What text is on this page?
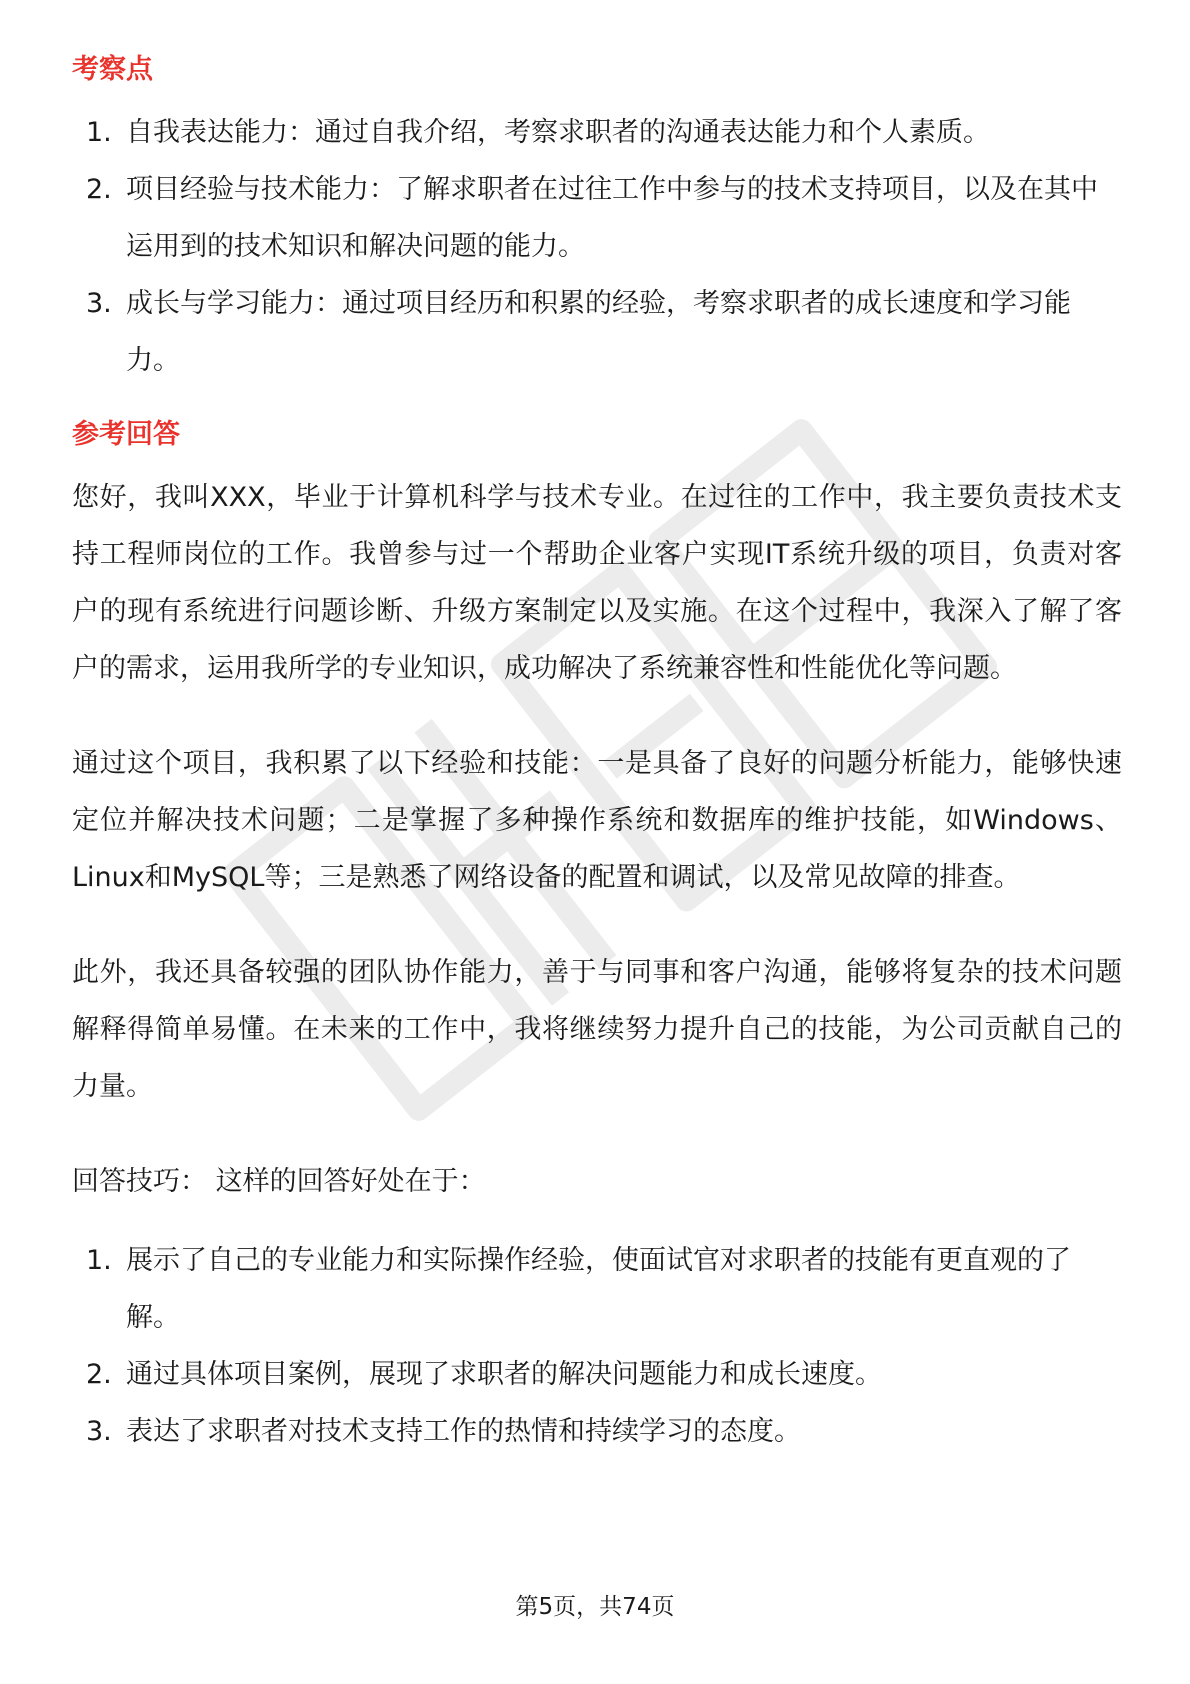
考察点
1. 自我表达能力：通过自我介绍，考察求职者的沟通表达能力和个人素质。
2. 项目经验与技术能力：了解求职者在过往工作中参与的技术支持项目，以及在其中运用到的技术知识和解决问题的能力。
3. 成长与学习能力：通过项目经历和积累的经验，考察求职者的成长速度和学习能力。
参考回答

您好，我叫XXX，毕业于计算机科学与技术专业。在过往的工作中，我主要负责技术支持工程师岗位的工作。我曾参与过一个帮助企业客户实现IT系统升级的项目，负责对客户的现有系统进行问题诊断、升级方案制定以及实施。在这个过程中，我深入了解了客户的需求，运用我所学的专业知识，成功解决了系统兼容性和性能优化等问题。

通过这个项目，我积累了以下经验和技能：一是具备了良好的问题分析能力，能够快速定位并解决技术问题；二是掌握了多种操作系统和数据库的维护技能，如Windows、Linux和MySQL等；三是熟悉了网络设备的配置和调试，以及常见故障的排查。

此外，我还具备较强的团队协作能力，善于与同事和客户沟通，能够将复杂的技术问题解释得简单易懂。在未来的工作中，我将继续努力提升自己的技能，为公司贡献自己的力量。

回答技巧： 这样的回答好处在于：
1. 展示了自己的专业能力和实际操作经验，使面试官对求职者的技能有更直观的了解。
2. 通过具体项目案例，展现了求职者的解决问题能力和成长速度。
3. 表达了求职者对技术支持工作的热情和持续学习的态度。
第5页，共74页
